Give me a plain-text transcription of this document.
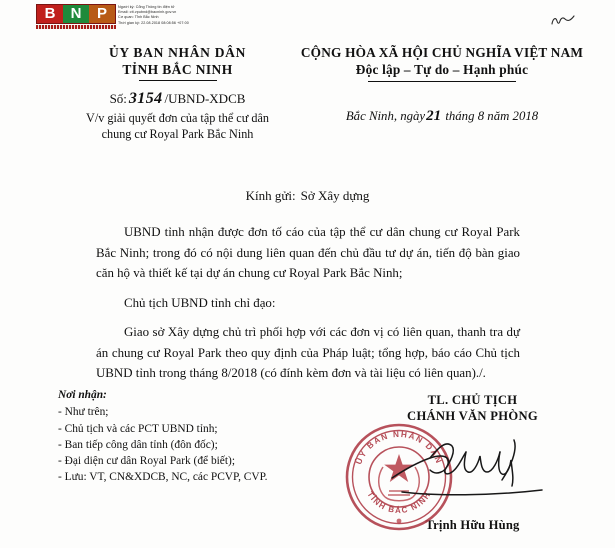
B	N	P	Người ký: Cổng Thông tin điện tử
Email: ctt.vpubnd@bacninh.gov.vn
Cơ quan: Tỉnh Bắc Ninh
Thời gian ký: 22.08.2018 08:08:56 +07:00
ỦY BAN NHÂN DÂN
TỈNH BẮC NINH
CỘNG HÒA XÃ HỘI CHỦ NGHĨA VIỆT NAM
Độc lập – Tự do – Hạnh phúc
Số: 3154 /UBND-XDCB
V/v giải quyết đơn của tập thể cư dân
chung cư Royal Park Bắc Ninh
Bắc Ninh, ngày21 tháng 8 năm 2018
Kính gửi: Sở Xây dựng

UBND tỉnh nhận được đơn tố cáo của tập thể cư dân chung cư Royal Park Bắc Ninh; trong đó có nội dung liên quan đến chủ đầu tư dự án, tiến độ bàn giao căn hộ và thiết kế tại dự án chung cư Royal Park Bắc Ninh;

Chủ tịch UBND tỉnh chỉ đạo:

Giao sở Xây dựng chủ trì phối hợp với các đơn vị có liên quan, thanh tra dự án chung cư Royal Park theo quy định của Pháp luật; tổng hợp, báo cáo Chủ tịch UBND tỉnh trong tháng 8/2018 (có đính kèm đơn và tài liệu có liên quan)./.

Nơi nhận:
- Như trên;
- Chủ tịch và các PCT UBND tỉnh;
- Ban tiếp công dân tỉnh (đôn đốc);
- Đại diện cư dân Royal Park (để biết);
- Lưu: VT, CN&XDCB, NC, các PCVP, CVP.
TL. CHỦ TỊCH
CHÁNH VĂN PHÒNG
Trịnh Hữu Hùng
ỦY BAN NHÂN DÂN
TỈNH BẮC NINH
